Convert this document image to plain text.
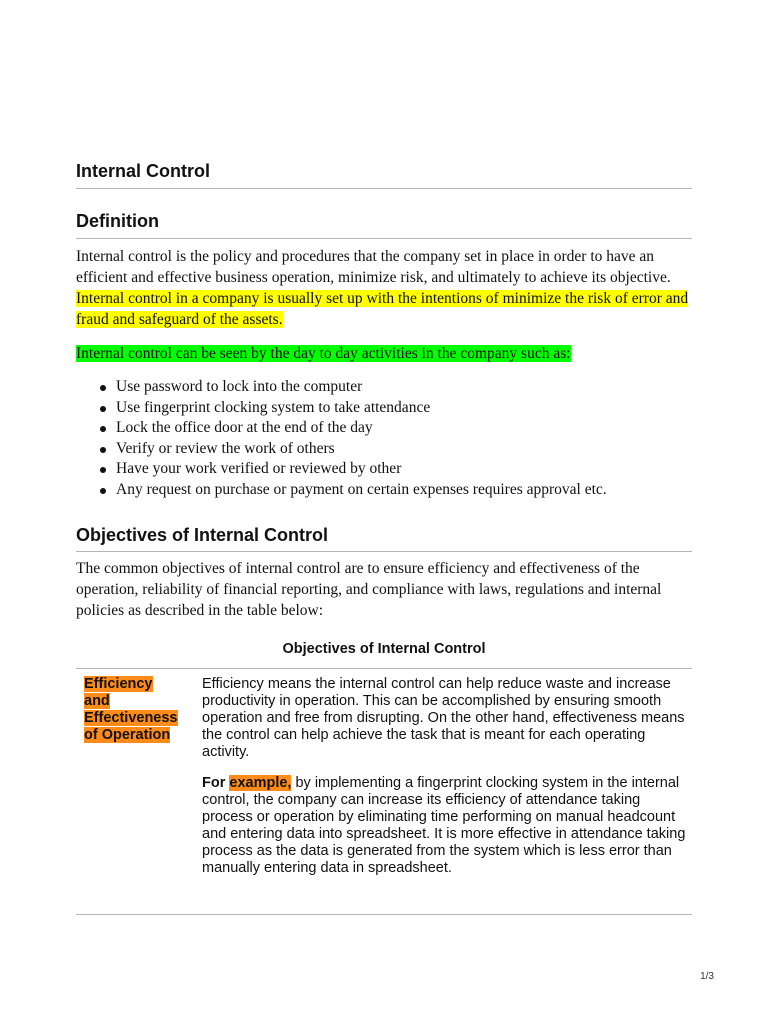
Internal Control
Definition

Internal control is the policy and procedures that the company set in place in order to have an efficient and effective business operation, minimize risk, and ultimately to achieve its objective. Internal control in a company is usually set up with the intentions of minimize the risk of error and fraud and safeguard of the assets.

Internal control can be seen by the day to day activities in the company such as:

Use password to lock into the computer
Use fingerprint clocking system to take attendance
Lock the office door at the end of the day
Verify or review the work of others
Have your work verified or reviewed by other
Any request on purchase or payment on certain expenses requires approval etc.
Objectives of Internal Control

The common objectives of internal control are to ensure efficiency and effectiveness of the operation, reliability of financial reporting, and compliance with laws, regulations and internal policies as described in the table below:

Objectives of Internal Control
Efficiency
and
Effectiveness
of Operation

Efficiency means the internal control can help reduce waste and increase productivity in operation. This can be accomplished by ensuring smooth operation and free from disrupting. On the other hand, effectiveness means the control can help achieve the task that is meant for each operating activity.

For example, by implementing a fingerprint clocking system in the internal control, the company can increase its efficiency of attendance taking process or operation by eliminating time performing on manual headcount and entering data into spreadsheet. It is more effective in attendance taking process as the data is generated from the system which is less error than manually entering data in spreadsheet.

1/3
